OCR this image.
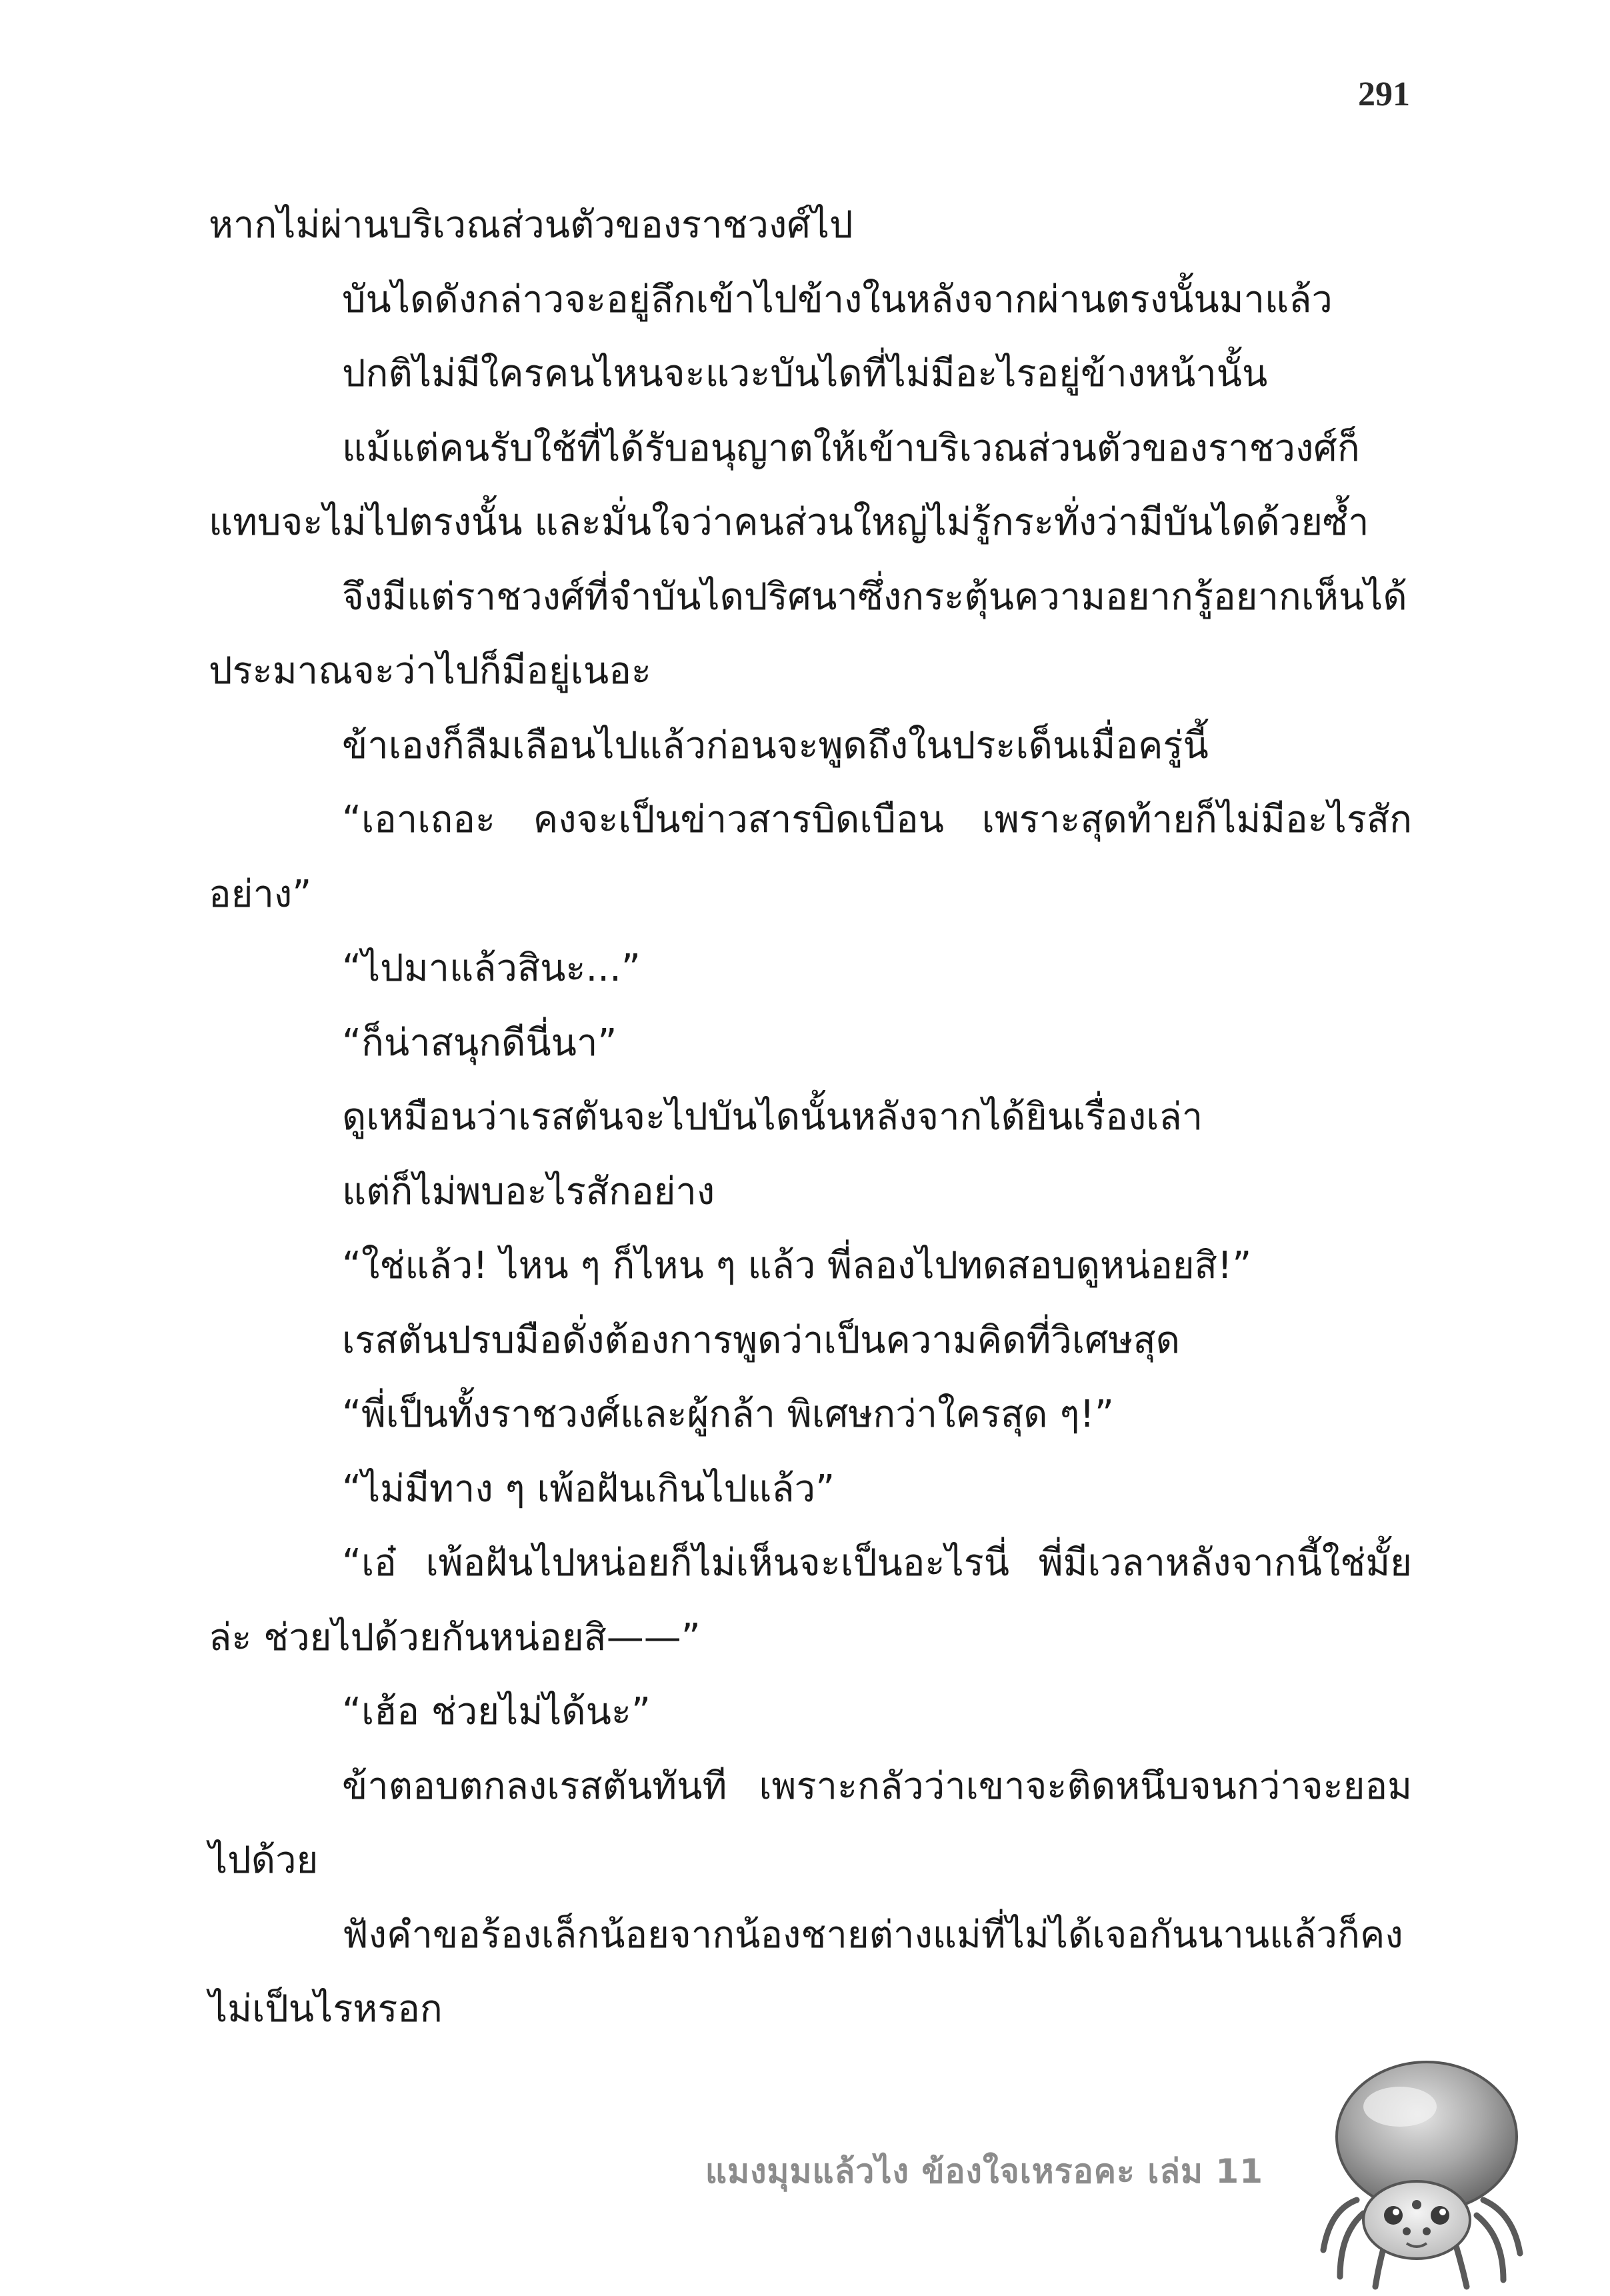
291

หากไม่ผ่านบริเวณส่วนตัวของราชวงศ์ไป

บันไดดังกล่าวจะอยู่ลึกเข้าไปข้างในหลังจากผ่านตรงนั้นมาแล้ว

ปกติไม่มีใครคนไหนจะแวะบันไดที่ไม่มีอะไรอยู่ข้างหน้านั้น

แม้แต่คนรับใช้ที่ได้รับอนุญาตให้เข้าบริเวณส่วนตัวของราชวงศ์ก็แทบจะไม่ไปตรงนั้น และมั่นใจว่าคนส่วนใหญ่ไม่รู้กระทั่งว่ามีบันไดด้วยซ้ำ

จึงมีแต่ราชวงศ์ที่จำบันไดปริศนาซึ่งกระตุ้นความอยากรู้อยากเห็นได้ประมาณจะว่าไปก็มีอยู่เนอะ

ข้าเองก็ลืมเลือนไปแล้วก่อนจะพูดถึงในประเด็นเมื่อครู่นี้

“เอาเถอะ คงจะเป็นข่าวสารบิดเบือน เพราะสุดท้ายก็ไม่มีอะไรสักอย่าง”

“ไปมาแล้วสินะ...”

“ก็น่าสนุกดีนี่นา”

ดูเหมือนว่าเรสตันจะไปบันไดนั้นหลังจากได้ยินเรื่องเล่า

แต่ก็ไม่พบอะไรสักอย่าง

“ใช่แล้ว! ไหน ๆ ก็ไหน ๆ แล้ว พี่ลองไปทดสอบดูหน่อยสิ!”

เรสตันปรบมือดั่งต้องการพูดว่าเป็นความคิดที่วิเศษสุด

“พี่เป็นทั้งราชวงศ์และผู้กล้า พิเศษกว่าใครสุด ๆ!”

“ไม่มีทาง ๆ เพ้อฝันเกินไปแล้ว”

“เอ๋ เพ้อฝันไปหน่อยก็ไม่เห็นจะเป็นอะไรนี่ พี่มีเวลาหลังจากนี้ใช่มั้ยล่ะ ช่วยไปด้วยกันหน่อยสิ——”

“เฮ้อ ช่วยไม่ได้นะ”

ข้าตอบตกลงเรสตันทันที เพราะกลัวว่าเขาจะติดหนึบจนกว่าจะยอมไปด้วย

ฟังคำขอร้องเล็กน้อยจากน้องชายต่างแม่ที่ไม่ได้เจอกันนานแล้วก็คงไม่เป็นไรหรอก

แมงมุมแล้วไง ข้องใจเหรอคะ เล่ม 11
